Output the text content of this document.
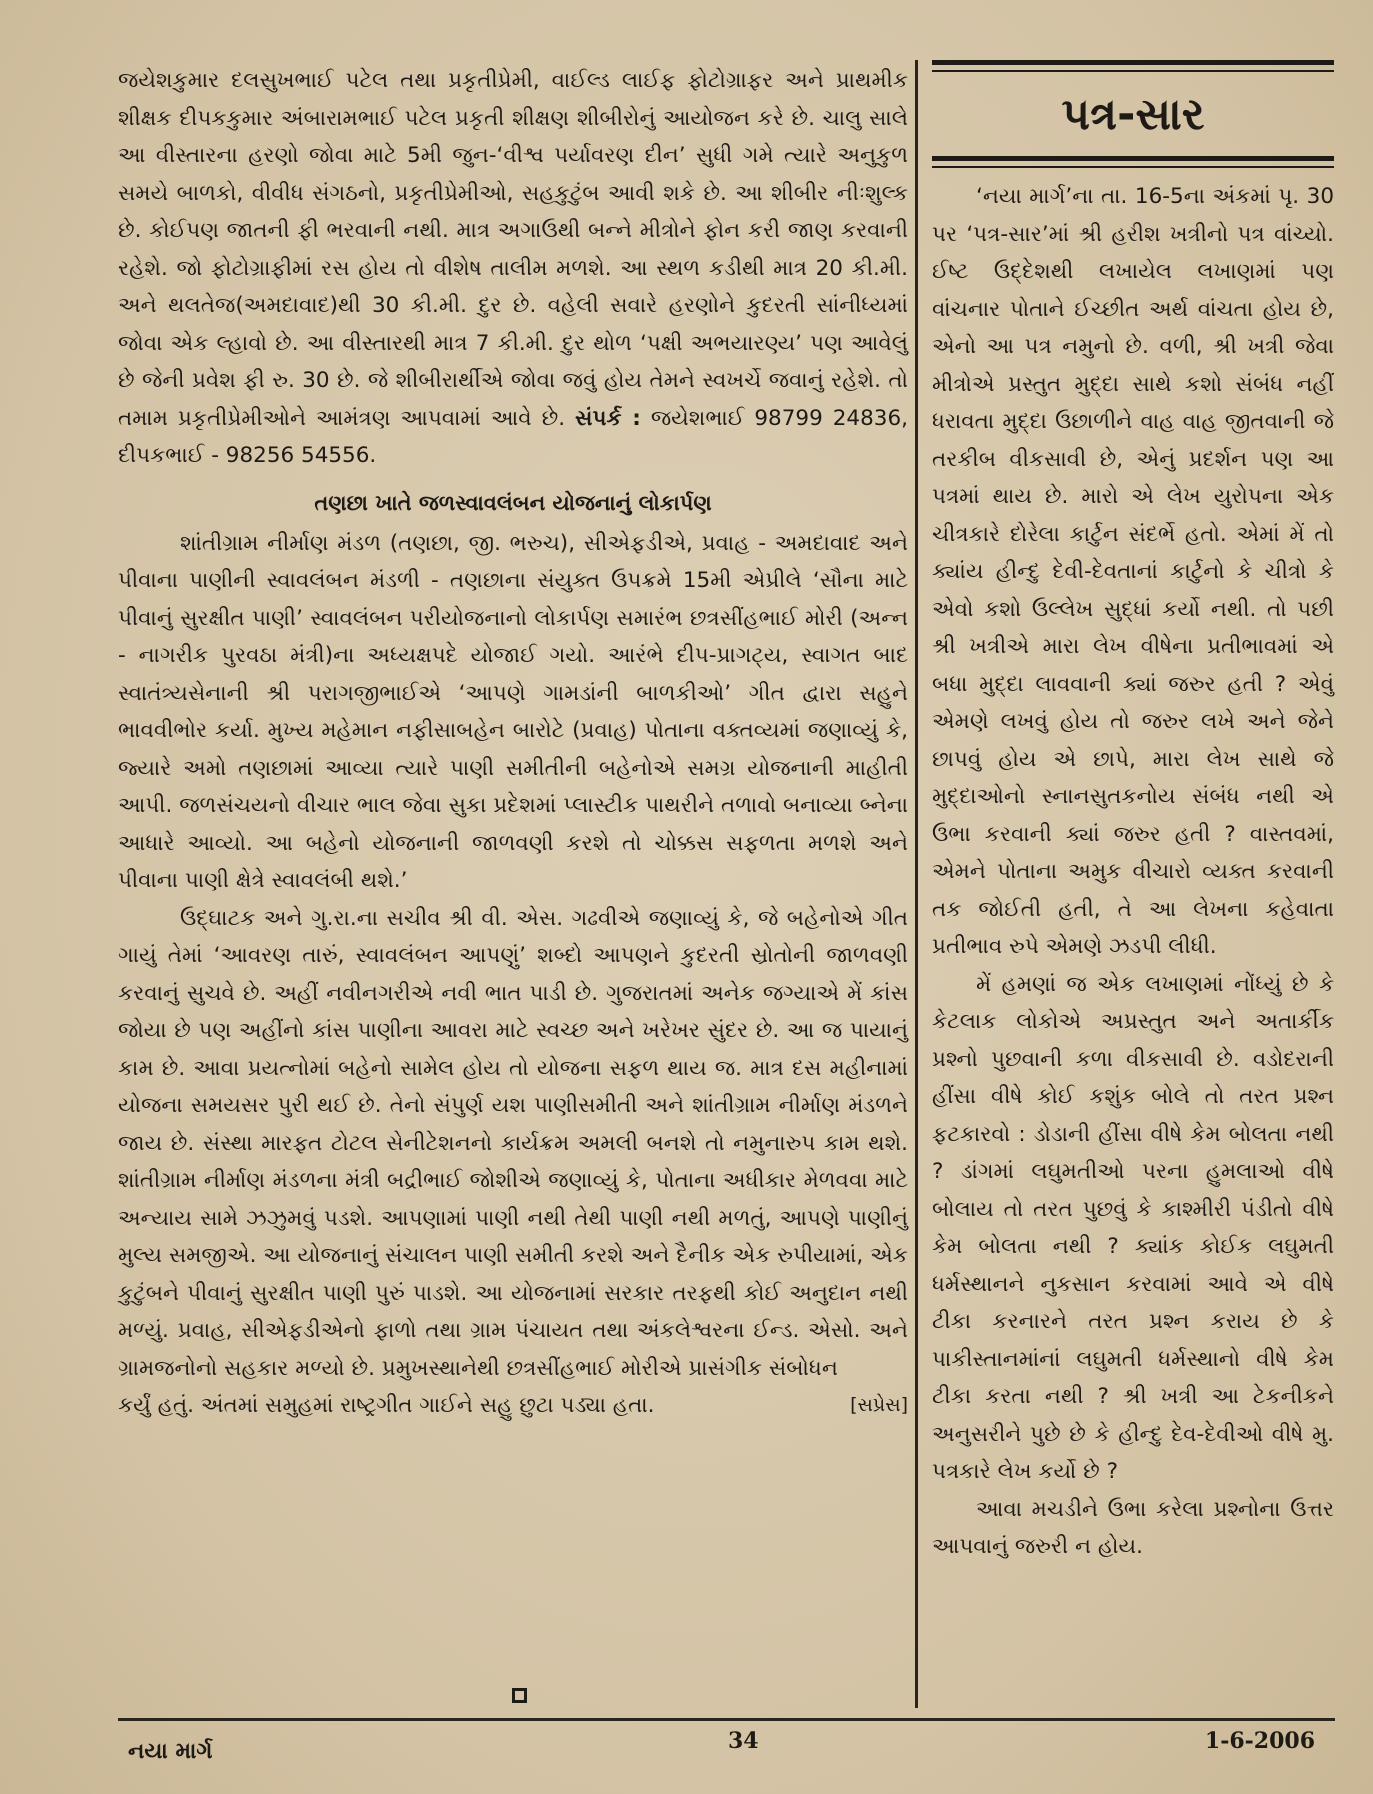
જયેશકુમાર દલસુખભાઈ પટેલ તથા પ્રકૃતીપ્રેમી, વાઈલ્ડ લાઈફ ફોટોગ્રાફર અને પ્રાથમીક શીક્ષક દીપકકુમાર અંબારામભાઈ પટેલ પ્રકૃતી શીક્ષણ શીબીરોનું આયોજન કરે છે. ચાલુ સાલે આ વીસ્તારના હરણો જોવા માટે 5મી જુન-‘વીશ્વ પર્યાવરણ દીન’ સુધી ગમે ત્યારે અનુકુળ સમયે બાળકો, વીવીધ સંગઠનો, પ્રકૃતીપ્રેમીઓ, સહકુટુંબ આવી શકે છે. આ શીબીર નીઃશુલ્ક છે. કોઈપણ જાતની ફી ભરવાની નથી. માત્ર અગાઉથી બન્ને મીત્રોને ફોન કરી જાણ કરવાની રહેશે. જો ફોટોગ્રાફીમાં રસ હોય તો વીશેષ તાલીમ મળશે. આ સ્થળ કડીથી માત્ર 20 કી.મી. અને થલતેજ(અમદાવાદ)થી 30 કી.મી. દુર છે. વહેલી સવારે હરણોને કુદરતી સાંનીધ્યમાં જોવા એક લ્હાવો છે. આ વીસ્તારથી માત્ર 7 કી.મી. દુર થોળ ‘પક્ષી અભયારણ્ય’ પણ આવેલું છે જેની પ્રવેશ ફી રુ. 30 છે. જે શીબીરાર્થીએ જોવા જવું હોય તેમને સ્વખર્ચે જવાનું રહેશે. તો તમામ પ્રકૃતીપ્રેમીઓને આમંત્રણ આપવામાં આવે છે. સંપર્ક : જયેશભાઈ 98799 24836, દીપકભાઈ - 98256 54556.

તણછા ખાતે જળસ્વાવલંબન યોજનાનું લોકાર્પણ

શાંતીગ્રામ નીર્માણ મંડળ (તણછા, જી. ભરુચ), સીએફડીએ, પ્રવાહ - અમદાવાદ અને પીવાના પાણીની સ્વાવલંબન મંડળી - તણછાના સંયુક્ત ઉપક્રમે 15મી એપ્રીલે ‘સૌના માટે પીવાનું સુરક્ષીત પાણી’ સ્વાવલંબન પરીયોજનાનો લોકાર્પણ સમારંભ છત્રસીંહભાઈ મોરી (અન્ન - નાગરીક પુરવઠા મંત્રી)ના અધ્યક્ષપદે યોજાઈ ગયો. આરંભે દીપ-પ્રાગટ્ય, સ્વાગત બાદ સ્વાતંત્ર્યસેનાની શ્રી પરાગજીભાઈએ ‘આપણે ગામડાંની બાળકીઓ’ ગીત દ્વારા સહુને ભાવવીભોર કર્યા. મુખ્ય મહેમાન નફીસાબહેન બારોટે (પ્રવાહ) પોતાના વક્તવ્યમાં જણાવ્યું કે, જ્યારે અમો તણછામાં આવ્યા ત્યારે પાણી સમીતીની બહેનોએ સમગ્ર યોજનાની માહીતી આપી. જળસંચયનો વીચાર ભાલ જેવા સુકા પ્રદેશમાં પ્લાસ્ટીક પાથરીને તળાવો બનાવ્યા બ્નેના આધારે આવ્યો. આ બહેનો યોજનાની જાળવણી કરશે તો ચોક્કસ સફળતા મળશે અને પીવાના પાણી ક્ષેત્રે સ્વાવલંબી થશે.’

ઉદ્ઘાટક અને ગુ.રા.ના સચીવ શ્રી વી. એસ. ગઢવીએ જણાવ્યું કે, જે બહેનોએ ગીત ગાયું તેમાં ‘આવરણ તારું, સ્વાવલંબન આપણું’ શબ્દો આપણને કુદરતી સ્રોતોની જાળવણી કરવાનું સુચવે છે. અહીં નવીનગરીએ નવી ભાત પાડી છે. ગુજરાતમાં અનેક જગ્યાએ મેં કાંસ જોયા છે પણ અહીંનો કાંસ પાણીના આવરા માટે સ્વચ્છ અને ખરેખર સુંદર છે. આ જ પાયાનું કામ છે. આવા પ્રયત્નોમાં બહેનો સામેલ હોય તો યોજના સફળ થાય જ. માત્ર દસ મહીનામાં યોજના સમયસર પુરી થઈ છે. તેનો સંપુર્ણ યશ પાણીસમીતી અને શાંતીગ્રામ નીર્માણ મંડળને જાય છે. સંસ્થા મારફત ટોટલ સેનીટેશનનો કાર્યક્રમ અમલી બનશે તો નમુનારુપ કામ થશે. શાંતીગ્રામ નીર્માણ મંડળના મંત્રી બદ્રીભાઈ જોશીએ જણાવ્યું કે, પોતાના અધીકાર મેળવવા માટે અન્યાય સામે ઝઝુમવું પડશે. આપણામાં પાણી નથી તેથી પાણી નથી મળતું, આપણે પાણીનું મુલ્ય સમજીએ. આ યોજનાનું સંચાલન પાણી સમીતી કરશે અને દૈનીક એક રુપીયામાં, એક કુટુંબને પીવાનું સુરક્ષીત પાણી પુરું પાડશે. આ યોજનામાં સરકાર તરફથી કોઈ અનુદાન નથી મળ્યું. પ્રવાહ, સીએફડીએનો ફાળો તથા ગ્રામ પંચાયત તથા અંકલેશ્વરના ઈન્ડ. એસો. અને ગ્રામજનોનો સહકાર મળ્યો છે. પ્રમુખસ્થાનેથી છત્રસીંહભાઈ મોરીએ પ્રાસંગીક સંબોધન

કર્યું હતું. અંતમાં સમુહમાં રાષ્ટ્રગીત ગાઈને સહુ છુટા પડ્યા હતા.	[સપ્રેસ]

પત્ર-સાર

‘નયા માર્ગ’ના તા. 16-5ના અંકમાં પૃ. 30 પર ‘પત્ર-સાર’માં શ્રી હરીશ ખત્રીનો પત્ર વાંચ્યો. ઈષ્ટ ઉદ્દેશથી લખાયેલ લખાણમાં પણ વાંચનાર પોતાને ઈચ્છીત અર્થ વાંચતા હોય છે, એનો આ પત્ર નમુનો છે. વળી, શ્રી ખત્રી જેવા મીત્રોએ પ્રસ્તુત મુદ્દા સાથે કશો સંબંધ નહીં ધરાવતા મુદ્દા ઉછાળીને વાહ વાહ જીતવાની જે તરકીબ વીકસાવી છે, એનું પ્રદર્શન પણ આ પત્રમાં થાય છે. મારો એ લેખ યુરોપના એક ચીત્રકારે દોરેલા કાર્ટુન સંદર્ભે હતો. એમાં મેં તો ક્યાંય હીન્દુ દેવી-દેવતાનાં કાર્ટુનો કે ચીત્રો કે એવો કશો ઉલ્લેખ સુદ્ધાં કર્યો નથી. તો પછી શ્રી ખત્રીએ મારા લેખ વીષેના પ્રતીભાવમાં એ બધા મુદ્દા લાવવાની ક્યાં જરુર હતી ? એવું એમણે લખવું હોય તો જરુર લખે અને જેને છાપવું હોય એ છાપે, મારા લેખ સાથે જે મુદ્દાઓનો સ્નાનસુતકનોય સંબંધ નથી એ ઉભા કરવાની ક્યાં જરુર હતી ? વાસ્તવમાં, એમને પોતાના અમુક વીચારો વ્યક્ત કરવાની તક જોઈતી હતી, તે આ લેખના કહેવાતા પ્રતીભાવ રુપે એમણે ઝડપી લીધી.

મેં હમણાં જ એક લખાણમાં નોંધ્યું છે કે કેટલાક લોકોએ અપ્રસ્તુત અને અતાર્કીક પ્રશ્નો પુછવાની કળા વીકસાવી છે. વડોદરાની હીંસા વીષે કોઈ કશુંક બોલે તો તરત પ્રશ્ન ફટકારવો : ડોડાની હીંસા વીષે કેમ બોલતા નથી ? ડાંગમાં લઘુમતીઓ પરના હુમલાઓ વીષે બોલાય તો તરત પુછવું કે કાશ્મીરી પંડીતો વીષે કેમ બોલતા નથી ? ક્યાંક કોઈક લઘુમતી ધર્મસ્થાનને નુકસાન કરવામાં આવે એ વીષે ટીકા કરનારને તરત પ્રશ્ન કરાય છે કે પાકીસ્તાનમાંનાં લઘુમતી ધર્મસ્થાનો વીષે કેમ ટીકા કરતા નથી ? શ્રી ખત્રી આ ટેકનીકને અનુસરીને પુછે છે કે હીન્દુ દેવ-દેવીઓ વીષે મુ. પત્રકારે લેખ કર્યો છે ?

આવા મચડીને ઉભા કરેલા પ્રશ્નોના ઉત્તર આપવાનું જરુરી ન હોય.

નયા માર્ગ	34	1-6-2006
